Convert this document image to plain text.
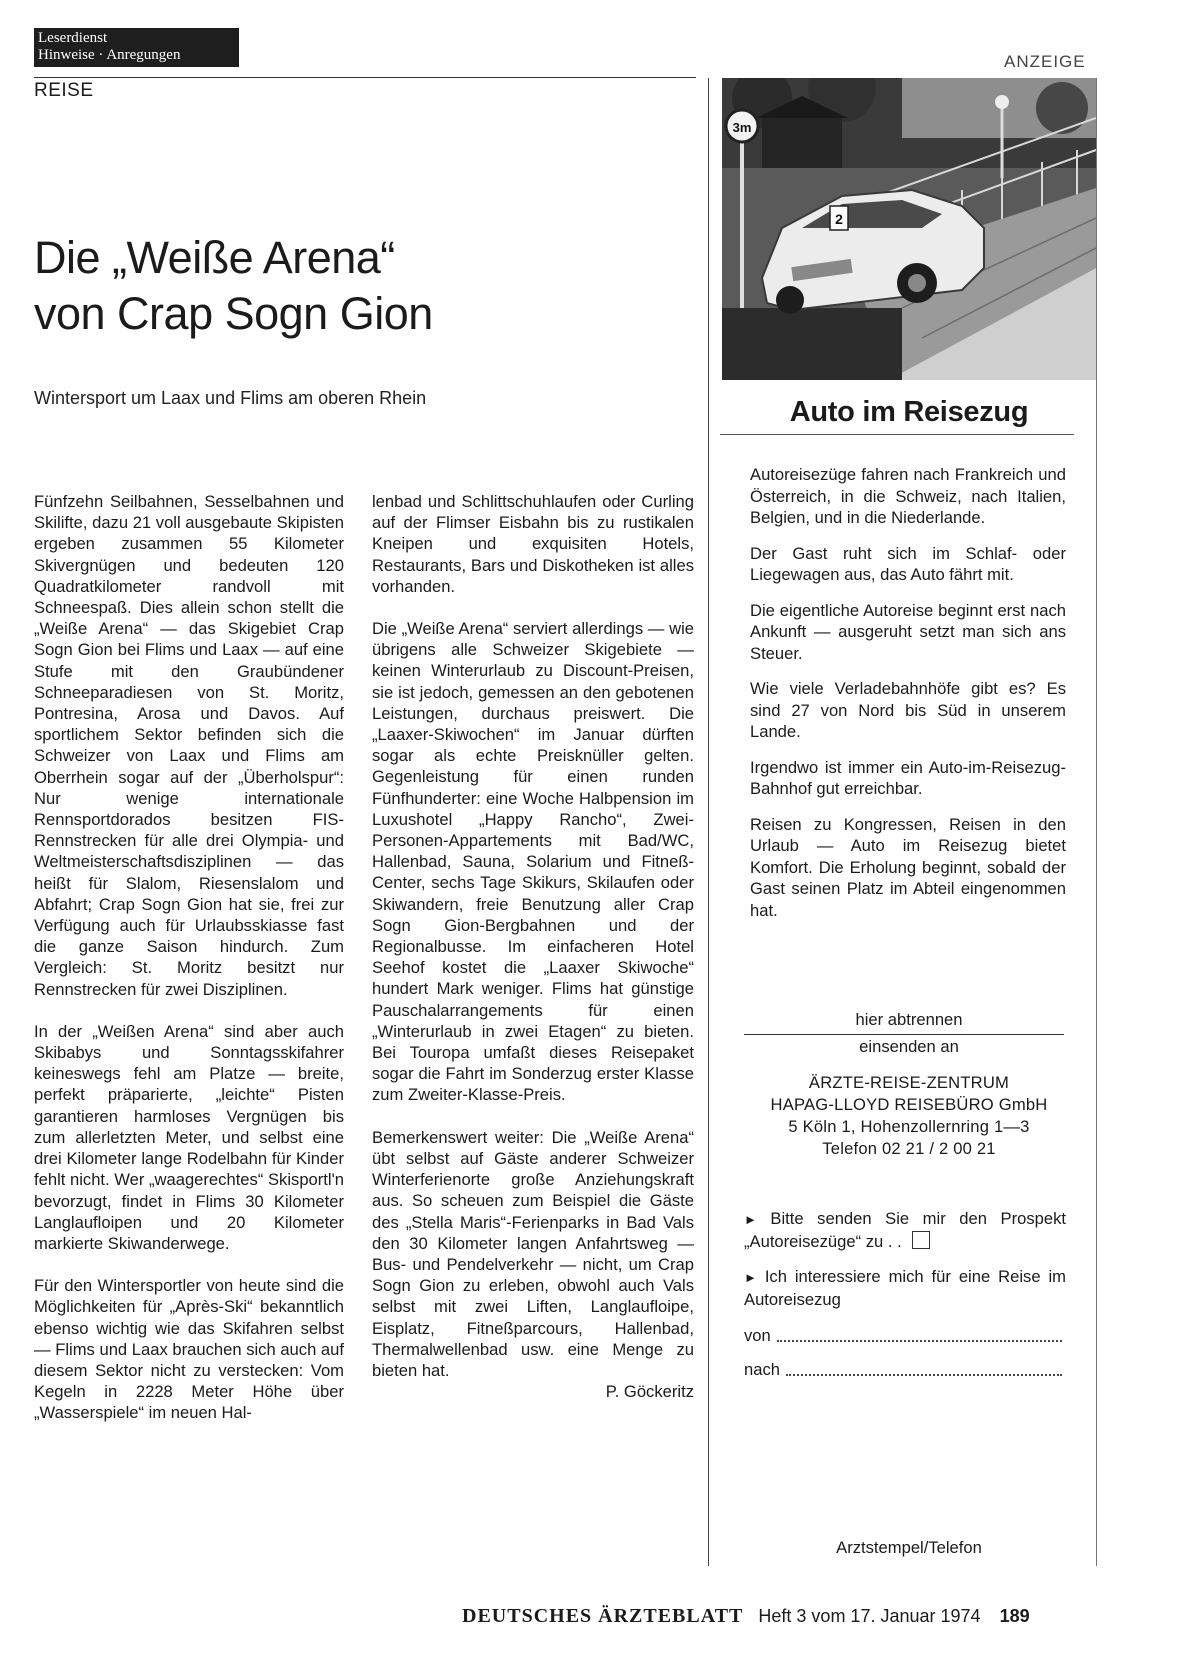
Leserdienst
Hinweise · Anregungen
REISE
ANZEIGE
Die „Weiße Arena“
von Crap Sogn Gion
Wintersport um Laax und Flims am oberen Rhein

Fünfzehn Seilbahnen, Sesselbahnen und Skilifte, dazu 21 voll ausgebaute Skipisten ergeben zusammen 55 Kilometer Skivergnügen und bedeuten 120 Quadratkilometer randvoll mit Schneespaß. Dies allein schon stellt die „Weiße Arena“ — das Skigebiet Crap Sogn Gion bei Flims und Laax — auf eine Stufe mit den Graubündener Schneeparadiesen von St. Moritz, Pontresina, Arosa und Davos. Auf sportlichem Sektor befinden sich die Schweizer von Laax und Flims am Oberrhein sogar auf der „Überholspur“: Nur wenige internationale Rennsportdorados besitzen FIS-Rennstrecken für alle drei Olympia- und Weltmeisterschaftsdisziplinen — das heißt für Slalom, Riesenslalom und Abfahrt; Crap Sogn Gion hat sie, frei zur Verfügung auch für Urlaubsskiasse fast die ganze Saison hindurch. Zum Vergleich: St. Moritz besitzt nur Rennstrecken für zwei Disziplinen.

In der „Weißen Arena“ sind aber auch Skibabys und Sonntagsskifahrer keineswegs fehl am Platze — breite, perfekt präparierte, „leichte“ Pisten garantieren harmloses Vergnügen bis zum allerletzten Meter, und selbst eine drei Kilometer lange Rodelbahn für Kinder fehlt nicht. Wer „waagerechtes“ Skisportl'n bevorzugt, findet in Flims 30 Kilometer Langlaufloipen und 20 Kilometer markierte Skiwanderwege.

Für den Wintersportler von heute sind die Möglichkeiten für „Après-Ski“ bekanntlich ebenso wichtig wie das Skifahren selbst — Flims und Laax brauchen sich auch auf diesem Sektor nicht zu verstecken: Vom Kegeln in 2228 Meter Höhe über „Wasserspiele“ im neuen Hal-

lenbad und Schlittschuhlaufen oder Curling auf der Flimser Eisbahn bis zu rustikalen Kneipen und exquisiten Hotels, Restaurants, Bars und Diskotheken ist alles vorhanden.

Die „Weiße Arena“ serviert allerdings — wie übrigens alle Schweizer Skigebiete — keinen Winterurlaub zu Discount-Preisen, sie ist jedoch, gemessen an den gebotenen Leistungen, durchaus preiswert. Die „Laaxer-Skiwochen“ im Januar dürften sogar als echte Preisknüller gelten. Gegenleistung für einen runden Fünfhunderter: eine Woche Halbpension im Luxushotel „Happy Rancho“, Zwei-Personen-Appartements mit Bad/WC, Hallenbad, Sauna, Solarium und Fitneß-Center, sechs Tage Skikurs, Skilaufen oder Skiwandern, freie Benutzung aller Crap Sogn Gion-Bergbahnen und der Regionalbusse. Im einfacheren Hotel Seehof kostet die „Laaxer Skiwoche“ hundert Mark weniger. Flims hat günstige Pauschalarrangements für einen „Winterurlaub in zwei Etagen“ zu bieten. Bei Touropa umfaßt dieses Reisepaket sogar die Fahrt im Sonderzug erster Klasse zum Zweiter-Klasse-Preis.

Bemerkenswert weiter: Die „Weiße Arena“ übt selbst auf Gäste anderer Schweizer Winterferienorte große Anziehungskraft aus. So scheuen zum Beispiel die Gäste des „Stella Maris“-Ferienparks in Bad Vals den 30 Kilometer langen Anfahrtsweg — Bus- und Pendelverkehr — nicht, um Crap Sogn Gion zu erleben, obwohl auch Vals selbst mit zwei Liften, Langlaufloipe, Eisplatz, Fitneßparcours, Hallenbad, Thermalwellenbad usw. eine Menge zu bieten hat.

P. Göckeritz
3m
2
Auto im Reisezug

Autoreisezüge fahren nach Frankreich und Österreich, in die Schweiz, nach Italien, Belgien, und in die Niederlande.

Der Gast ruht sich im Schlaf- oder Liegewagen aus, das Auto fährt mit.

Die eigentliche Autoreise beginnt erst nach Ankunft — ausgeruht setzt man sich ans Steuer.

Wie viele Verladebahnhöfe gibt es? Es sind 27 von Nord bis Süd in unserem Lande.

Irgendwo ist immer ein Auto-im-Reisezug-Bahnhof gut erreichbar.

Reisen zu Kongressen, Reisen in den Urlaub — Auto im Reisezug bietet Komfort. Die Erholung beginnt, sobald der Gast seinen Platz im Abteil eingenommen hat.

hier abtrennen
einsenden an
ÄRZTE-REISE-ZENTRUM
HAPAG-LLOYD REISEBÜRO GmbH
5 Köln 1, Hohenzollernring 1—3
Telefon 02 21 / 2 00 21
► Bitte senden Sie mir den Prospekt „Autoreisezüge“ zu . .
► Ich interessiere mich für eine Reise im Autoreisezug
von
nach
Arztstempel/Telefon
DEUTSCHES ÄRZTEBLATT Heft 3 vom 17. Januar 1974 189
